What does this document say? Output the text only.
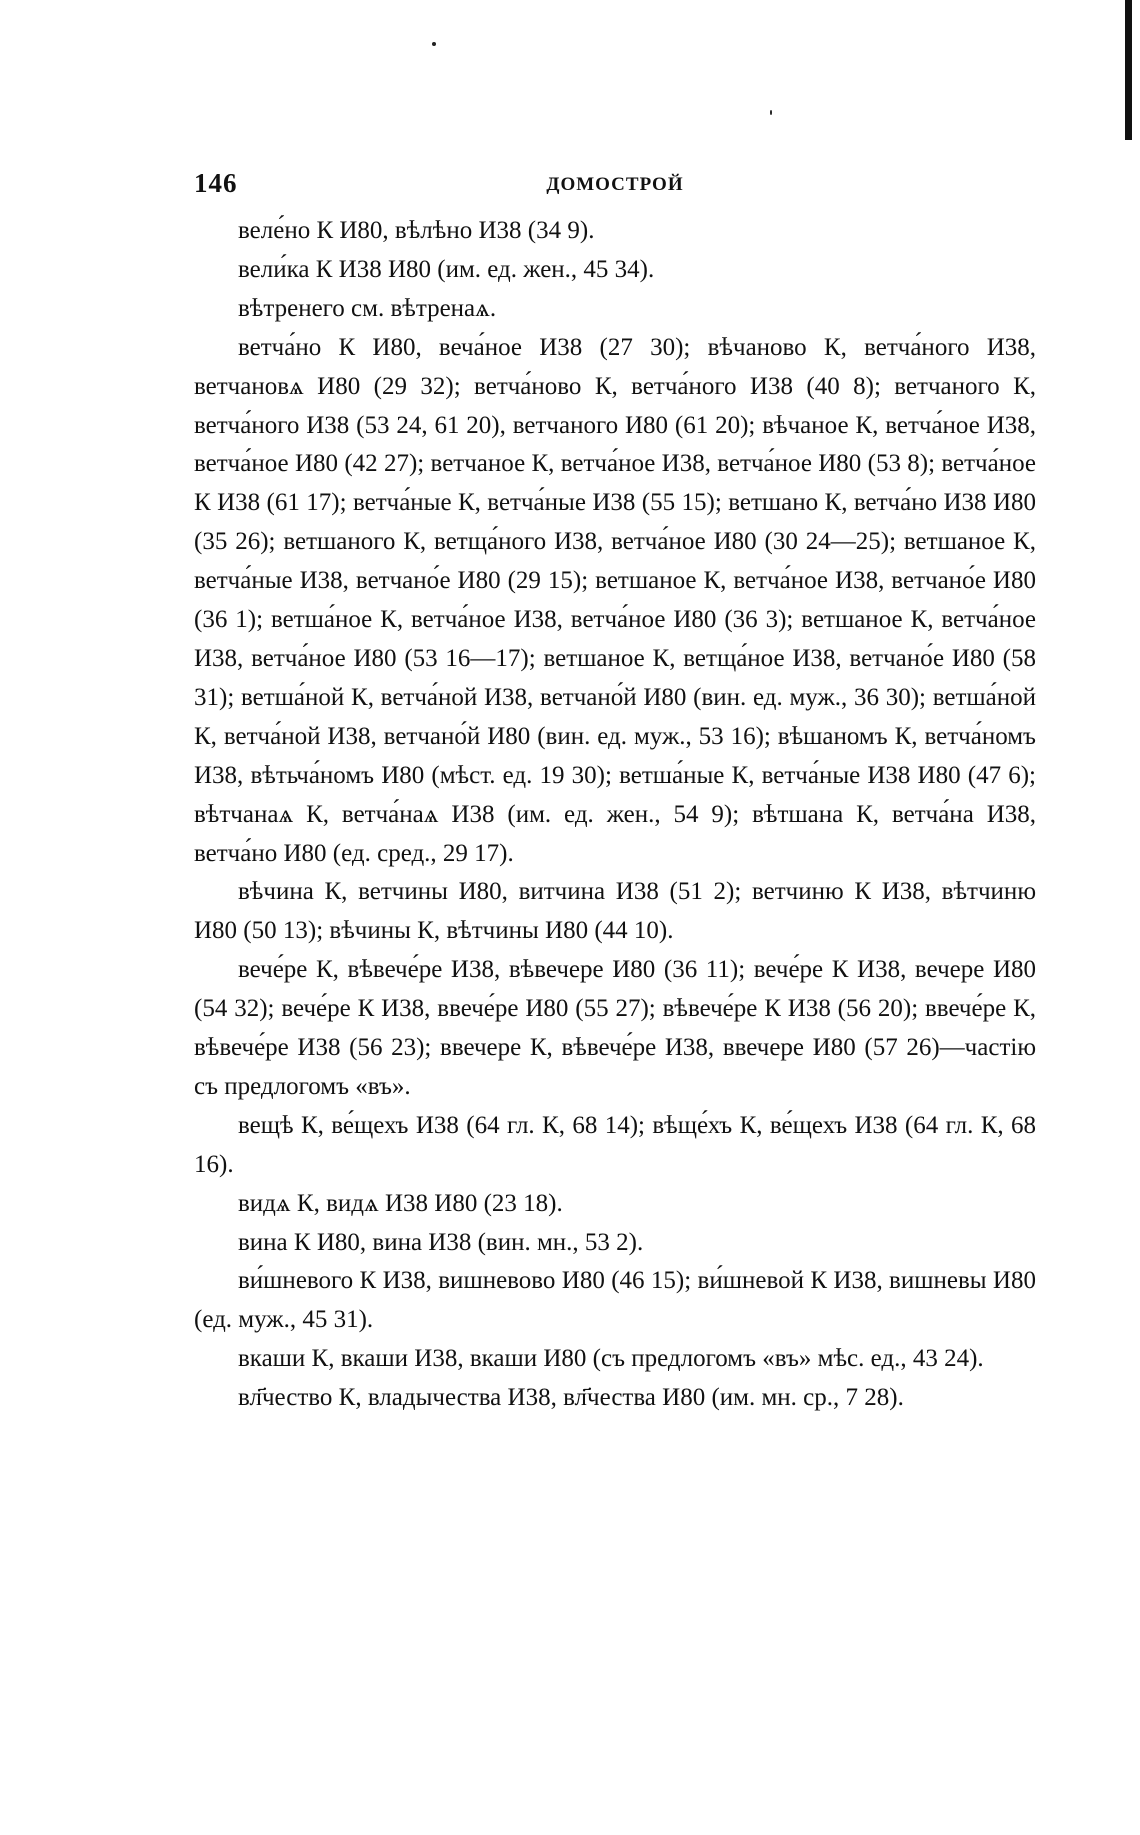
146	ДОМОСТРОЙ

веле́но К И80, вѣлѣно И38 (34 9).

вели́ка К И38 И80 (им. ед. жен., 45 34).

вѣтренего см. вѣтренаѧ.

ветча́но К И80, веча́ное И38 (27 30); вѣчаново К, ветча́ного И38, ветчановѧ И80 (29 32); ветча́ново К, ветча́ного И38 (40 8); ветчаного К, ветча́ного И38 (53 24, 61 20), ветчаного И80 (61 20); вѣчаное К, ветча́ное И38, ветча́ное И80 (42 27); ветчаное К, ветча́ное И38, ветча́ное И80 (53 8); ветча́ное К И38 (61 17); ветча́ные К, ветча́ные И38 (55 15); ветшано К, ветча́но И38 И80 (35 26); ветшаного К, ветща́ного И38, ветча́ное И80 (30 24—25); ветшаное К, ветча́ные И38, ветчано́е И80 (29 15); ветшаное К, ветча́ное И38, ветчано́е И80 (36 1); ветша́ное К, ветча́ное И38, ветча́ное И80 (36 3); ветшаное К, ветча́ное И38, ветча́ное И80 (53 16—17); ветшаное К, ветща́ное И38, ветчано́е И80 (58 31); ветша́ной К, ветча́ной И38, ветчано́й И80 (вин. ед. муж., 36 30); ветша́ной К, ветча́ной И38, ветчано́й И80 (вин. ед. муж., 53 16); вѣшаномъ К, ветча́номъ И38, вѣтьча́номъ И80 (мѣст. ед. 19 30); ветша́ные К, ветча́ные И38 И80 (47 6); вѣтчанаѧ К, ветча́наѧ И38 (им. ед. жен., 54 9); вѣтшана К, ветча́на И38, ветча́но И80 (ед. сред., 29 17).

вѣчина К, ветчины И80, витчина И38 (51 2); ветчиню К И38, вѣтчиню И80 (50 13); вѣчины К, вѣтчины И80 (44 10).

вече́ре К, вѣвече́ре И38, вѣвечере И80 (36 11); вече́ре К И38, вечере И80 (54 32); вече́ре К И38, ввече́ре И80 (55 27); вѣвече́ре К И38 (56 20); ввече́ре К, вѣвече́ре И38 (56 23); ввечере К, вѣвече́ре И38, ввечере И80 (57 26)—частію съ предлогомъ «въ».

вещѣ К, ве́щехъ И38 (64 гл. К, 68 14); вѣще́хъ К, ве́щехъ И38 (64 гл. К, 68 16).

видѧ К, видѧ И38 И80 (23 18).

вина К И80, вина И38 (вин. мн., 53 2).

ви́шневого К И38, вишневово И80 (46 15); ви́шневой К И38, вишневы И80 (ед. муж., 45 31).

вкаши К, вкаши И38, вкаши И80 (съ предлогомъ «въ» мѣс. ед., 43 24).

вл҃чество К, владычества И38, вл҃чества И80 (им. мн. ср., 7 28).
